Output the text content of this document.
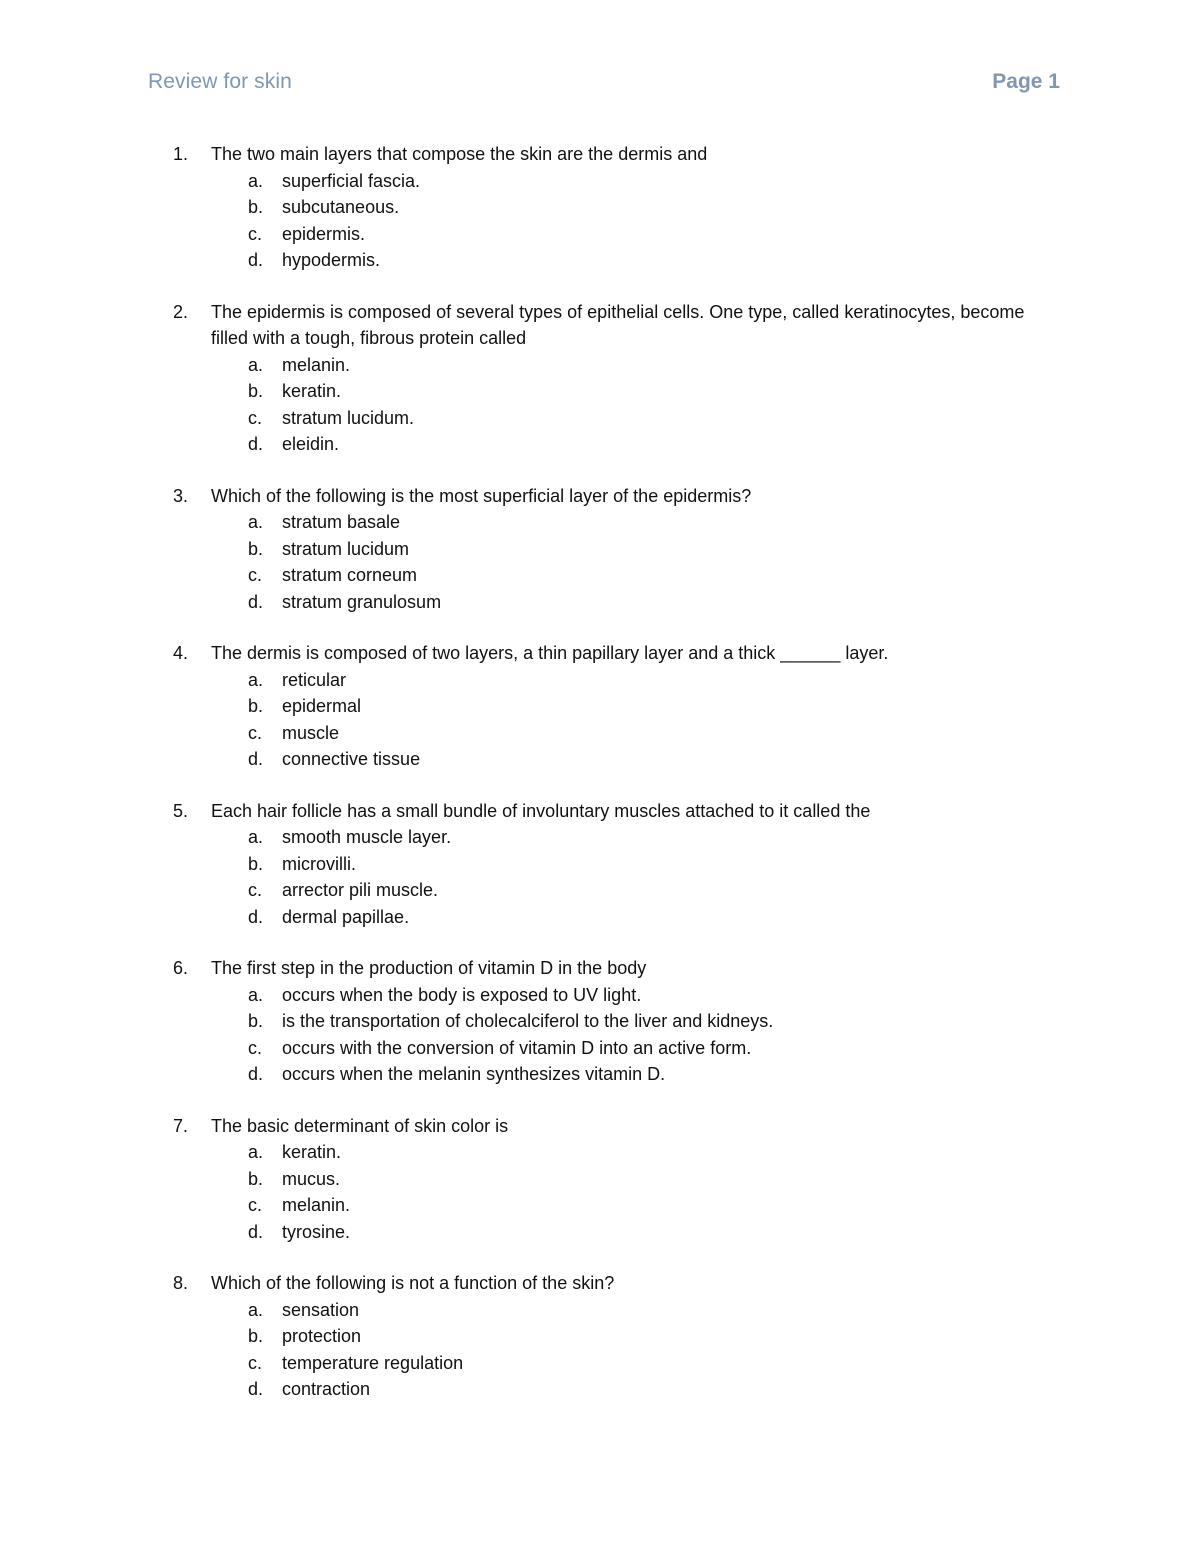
Review for skin	Page 1
1. The two main layers that compose the skin are the dermis and
a. superficial fascia.
b. subcutaneous.
c. epidermis.
d. hypodermis.
2. The epidermis is composed of several types of epithelial cells. One type, called keratinocytes, become filled with a tough, fibrous protein called
a. melanin.
b. keratin.
c. stratum lucidum.
d. eleidin.
3. Which of the following is the most superficial layer of the epidermis?
a. stratum basale
b. stratum lucidum
c. stratum corneum
d. stratum granulosum
4. The dermis is composed of two layers, a thin papillary layer and a thick ______ layer.
a. reticular
b. epidermal
c. muscle
d. connective tissue
5. Each hair follicle has a small bundle of involuntary muscles attached to it called the
a. smooth muscle layer.
b. microvilli.
c. arrector pili muscle.
d. dermal papillae.
6. The first step in the production of vitamin D in the body
a. occurs when the body is exposed to UV light.
b. is the transportation of cholecalciferol to the liver and kidneys.
c. occurs with the conversion of vitamin D into an active form.
d. occurs when the melanin synthesizes vitamin D.
7. The basic determinant of skin color is
a. keratin.
b. mucus.
c. melanin.
d. tyrosine.
8. Which of the following is not a function of the skin?
a. sensation
b. protection
c. temperature regulation
d. contraction
